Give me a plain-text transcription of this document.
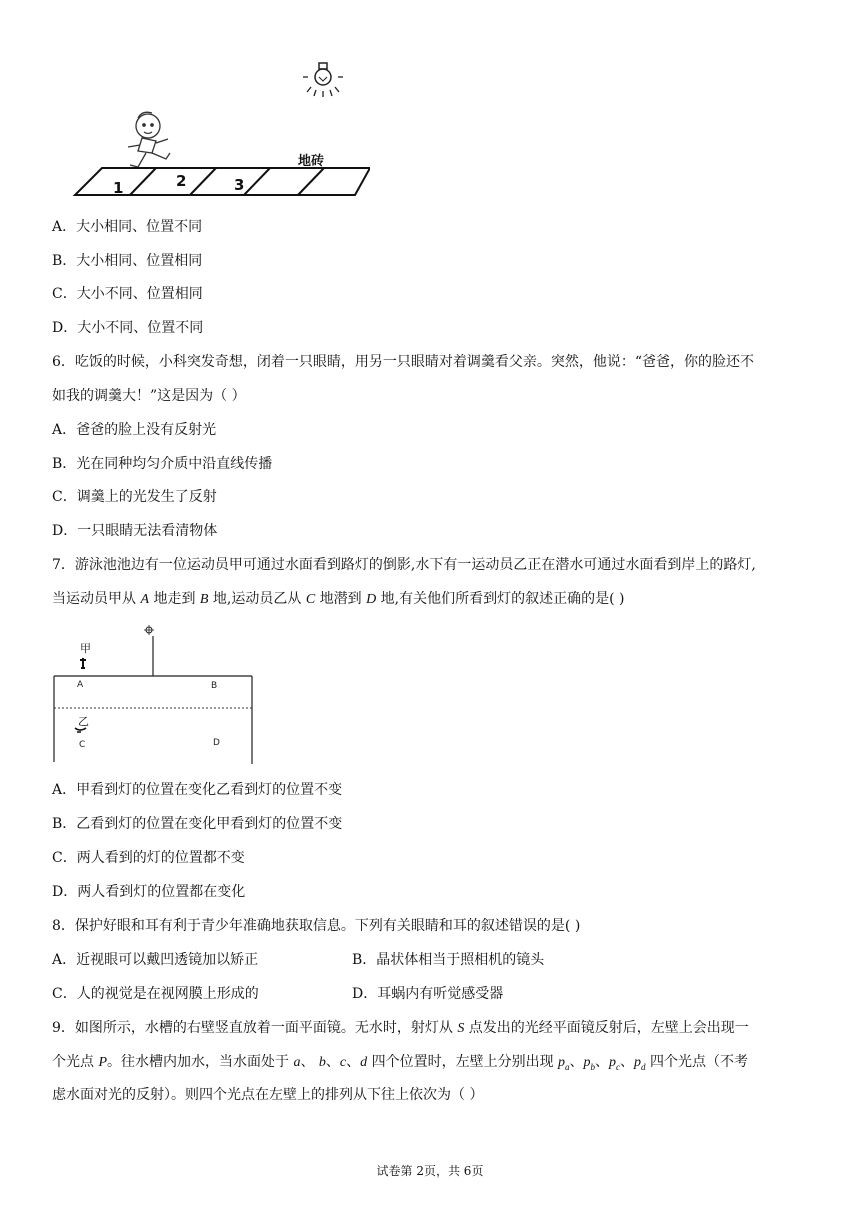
地砖
1	2	3
A．大小相同、位置不同
B．大小相同、位置相同
C．大小不同、位置相同
D．大小不同、位置不同
6．吃饭的时候，小科突发奇想，闭着一只眼睛，用另一只眼睛对着调羹看父亲。突然，他说：“爸爸，你的脸还不
如我的调羹大！”这是因为（ ）
A．爸爸的脸上没有反射光
B．光在同种均匀介质中沿直线传播
C．调羹上的光发生了反射
D．一只眼睛无法看清物体
7．游泳池池边有一位运动员甲可通过水面看到路灯的倒影,水下有一运动员乙正在潜水可通过水面看到岸上的路灯,
当运动员甲从 A 地走到 B 地,运动员乙从 C 地潜到 D 地,有关他们所看到灯的叙述正确的是( )
甲
A	B
乙
C	D
A．甲看到灯的位置在变化乙看到灯的位置不变
B．乙看到灯的位置在变化甲看到灯的位置不变
C．两人看到的灯的位置都不变
D．两人看到灯的位置都在变化
8．保护好眼和耳有利于青少年准确地获取信息。下列有关眼睛和耳的叙述错误的是( )
A．近视眼可以戴凹透镜加以矫正	B．晶状体相当于照相机的镜头
C．人的视觉是在视网膜上形成的	D．耳蜗内有听觉感受器
9．如图所示，水槽的右壁竖直放着一面平面镜。无水时，射灯从 S 点发出的光经平面镜反射后，左壁上会出现一
个光点 P。往水槽内加水，当水面处于 a、 b、c、d 四个位置时，左壁上分别出现 $p_a$、$p_b$、$p_c$、$p_d$ 四个光点（不考
虑水面对光的反射）。则四个光点在左壁上的排列从下往上依次为（ ）
试卷第 2页，共 6页
